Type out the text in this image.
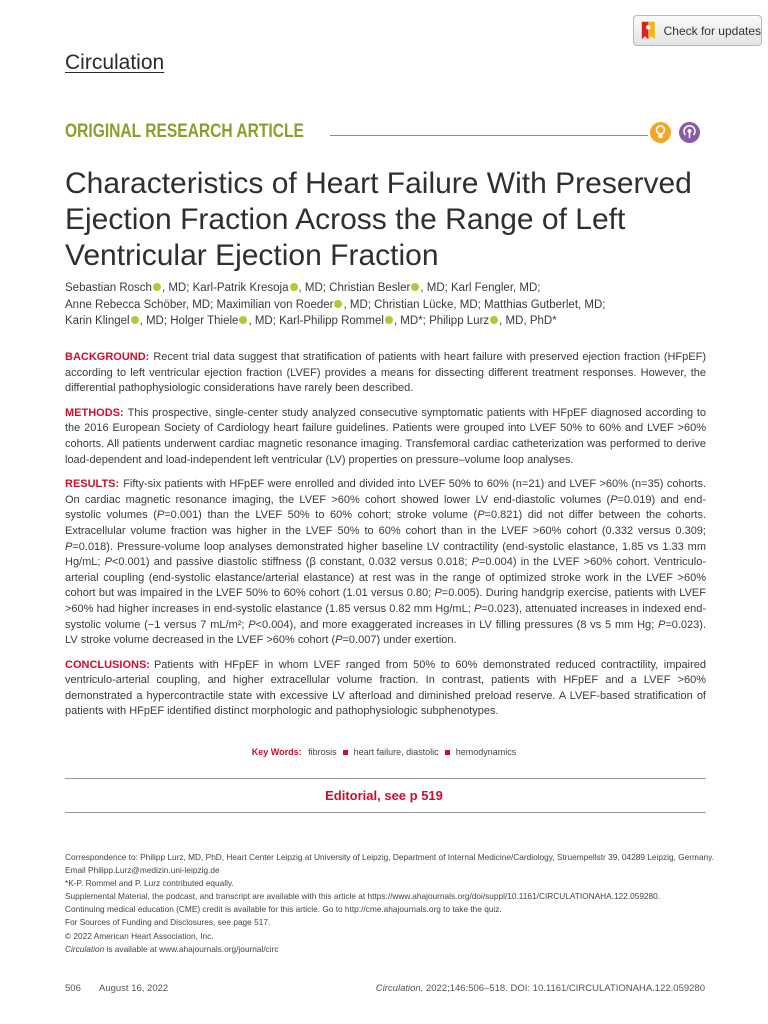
Check for updates
Circulation
ORIGINAL RESEARCH ARTICLE
Characteristics of Heart Failure With Preserved Ejection Fraction Across the Range of Left Ventricular Ejection Fraction
Sebastian Rosch , MD; Karl-Patrik Kresoja , MD; Christian Besler , MD; Karl Fengler, MD;
Anne Rebecca Schöber, MD; Maximilian von Roeder , MD; Christian Lücke, MD; Matthias Gutberlet, MD;
Karin Klingel , MD; Holger Thiele , MD; Karl-Philipp Rommel , MD*; Philipp Lurz , MD, PhD*

BACKGROUND: Recent trial data suggest that stratification of patients with heart failure with preserved ejection fraction (HFpEF) according to left ventricular ejection fraction (LVEF) provides a means for dissecting different treatment responses. However, the differential pathophysiologic considerations have rarely been described.

METHODS: This prospective, single-center study analyzed consecutive symptomatic patients with HFpEF diagnosed according to the 2016 European Society of Cardiology heart failure guidelines. Patients were grouped into LVEF 50% to 60% and LVEF >60% cohorts. All patients underwent cardiac magnetic resonance imaging. Transfemoral cardiac catheterization was performed to derive load-dependent and load-independent left ventricular (LV) properties on pressure–volume loop analyses.

RESULTS: Fifty-six patients with HFpEF were enrolled and divided into LVEF 50% to 60% (n=21) and LVEF >60% (n=35) cohorts. On cardiac magnetic resonance imaging, the LVEF >60% cohort showed lower LV end-diastolic volumes (P=0.019) and end-systolic volumes (P=0.001) than the LVEF 50% to 60% cohort; stroke volume (P=0.821) did not differ between the cohorts. Extracellular volume fraction was higher in the LVEF 50% to 60% cohort than in the LVEF >60% cohort (0.332 versus 0.309; P=0.018). Pressure-volume loop analyses demonstrated higher baseline LV contractility (end-systolic elastance, 1.85 vs 1.33 mm Hg/mL; P<0.001) and passive diastolic stiffness (β constant, 0.032 versus 0.018; P=0.004) in the LVEF >60% cohort. Ventriculo-arterial coupling (end-systolic elastance/arterial elastance) at rest was in the range of optimized stroke work in the LVEF >60% cohort but was impaired in the LVEF 50% to 60% cohort (1.01 versus 0.80; P=0.005). During handgrip exercise, patients with LVEF >60% had higher increases in end-systolic elastance (1.85 versus 0.82 mm Hg/mL; P=0.023), attenuated increases in indexed end-systolic volume (−1 versus 7 mL/m²; P<0.004), and more exaggerated increases in LV filling pressures (8 vs 5 mm Hg; P=0.023). LV stroke volume decreased in the LVEF >60% cohort (P=0.007) under exertion.

CONCLUSIONS: Patients with HFpEF in whom LVEF ranged from 50% to 60% demonstrated reduced contractility, impaired ventriculo-arterial coupling, and higher extracellular volume fraction. In contrast, patients with HFpEF and a LVEF >60% demonstrated a hypercontractile state with excessive LV afterload and diminished preload reserve. A LVEF-based stratification of patients with HFpEF identified distinct morphologic and pathophysiologic subphenotypes.

Key Words: fibrosis heart failure, diastolic hemodynamics
Editorial, see p 519
Correspondence to: Philipp Lurz, MD, PhD, Heart Center Leipzig at University of Leipzig, Department of Internal Medicine/Cardiology, Struempellstr 39, 04289 Leipzig, Germany. Email Philipp.Lurz@medizin.uni-leipzig.de
*K-P. Rommel and P. Lurz contributed equally.
Supplemental Material, the podcast, and transcript are available with this article at https://www.ahajournals.org/doi/suppl/10.1161/CIRCULATIONAHA.122.059280.
Continuing medical education (CME) credit is available for this article. Go to http://cme.ahajournals.org to take the quiz.
For Sources of Funding and Disclosures, see page 517.
© 2022 American Heart Association, Inc.
Circulation is available at www.ahajournals.org/journal/circ
506 August 16, 2022	Circulation. 2022;146:506–518. DOI: 10.1161/CIRCULATIONAHA.122.059280
